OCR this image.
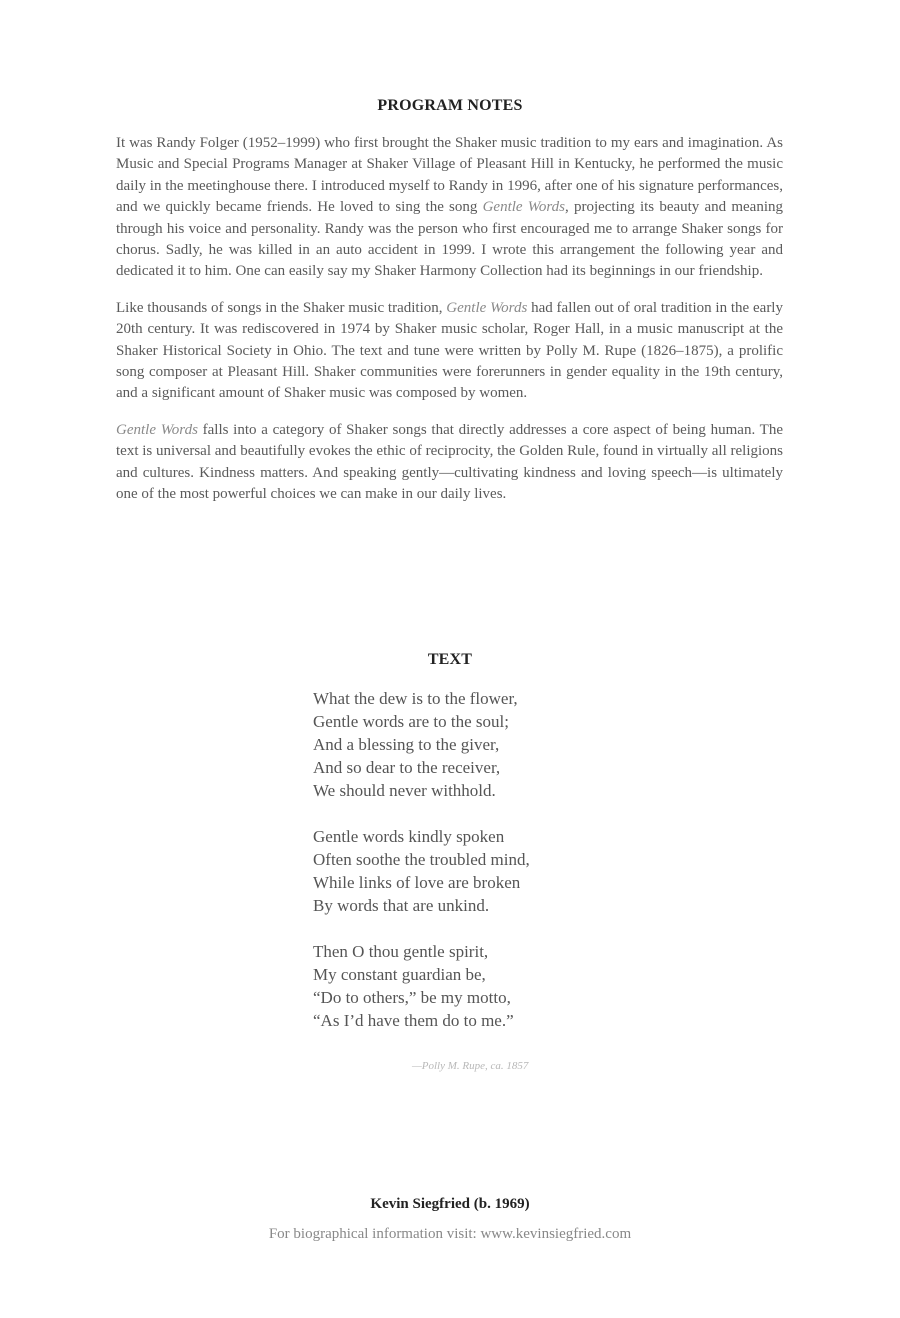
PROGRAM NOTES

It was Randy Folger (1952–1999) who first brought the Shaker music tradition to my ears and imagination. As Music and Special Programs Manager at Shaker Village of Pleasant Hill in Kentucky, he performed the music daily in the meetinghouse there. I introduced myself to Randy in 1996, after one of his signature performances, and we quickly became friends. He loved to sing the song Gentle Words, projecting its beauty and meaning through his voice and personality. Randy was the person who first encouraged me to arrange Shaker songs for chorus. Sadly, he was killed in an auto accident in 1999. I wrote this arrangement the following year and dedicated it to him. One can easily say my Shaker Harmony Collection had its beginnings in our friendship.

Like thousands of songs in the Shaker music tradition, Gentle Words had fallen out of oral tradition in the early 20th century. It was rediscovered in 1974 by Shaker music scholar, Roger Hall, in a music manuscript at the Shaker Historical Society in Ohio. The text and tune were written by Polly M. Rupe (1826–1875), a prolific song composer at Pleasant Hill. Shaker communities were forerunners in gender equality in the 19th century, and a significant amount of Shaker music was composed by women.

Gentle Words falls into a category of Shaker songs that directly addresses a core aspect of being human. The text is universal and beautifully evokes the ethic of reciprocity, the Golden Rule, found in virtually all religions and cultures. Kindness matters. And speaking gently—cultivating kindness and loving speech—is ultimately one of the most powerful choices we can make in our daily lives.

TEXT
What the dew is to the flower,
Gentle words are to the soul;
And a blessing to the giver,
And so dear to the receiver,
We should never withhold.
Gentle words kindly spoken
Often soothe the troubled mind,
While links of love are broken
By words that are unkind.
Then O thou gentle spirit,
My constant guardian be,
“Do to others,” be my motto,
“As I’d have them do to me.”
—Polly M. Rupe, ca. 1857
Kevin Siegfried (b. 1969)
For biographical information visit: www.kevinsiegfried.com
